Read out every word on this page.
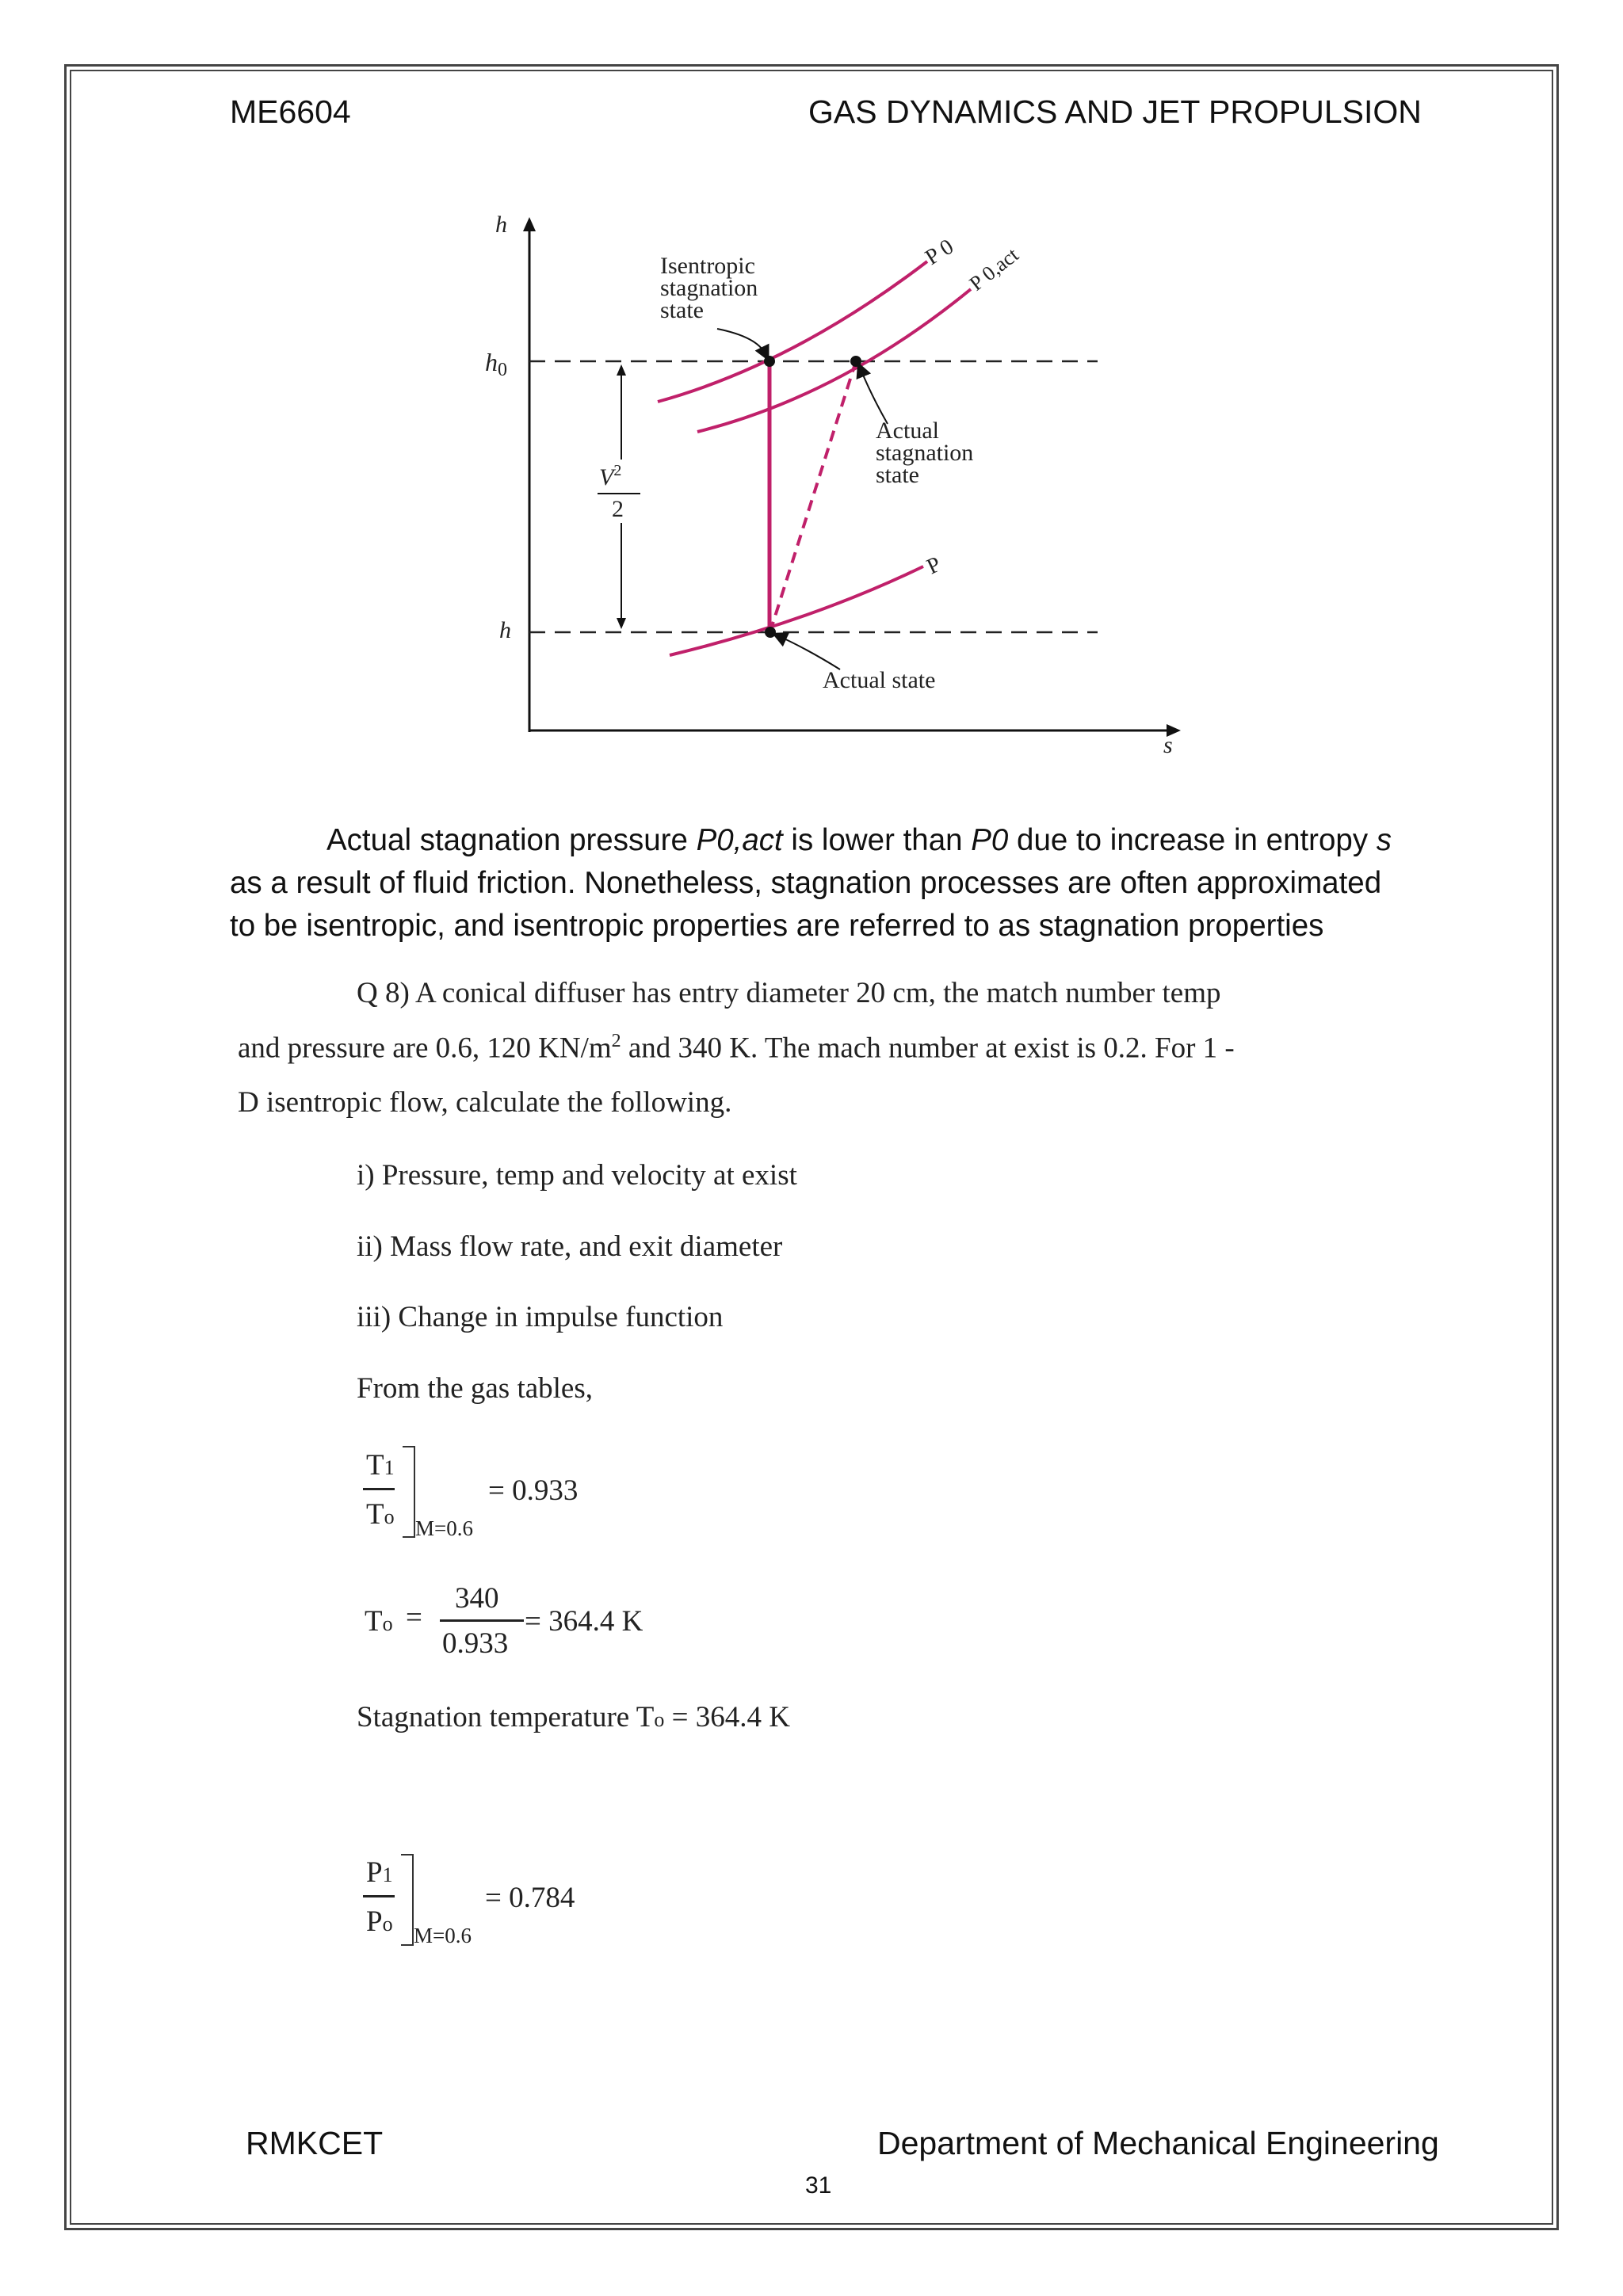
ME6604	GAS DYNAMICS AND JET PROPULSION
h
h0
h
s
$V^2$
2
Isentropic
stagnation
state
Actual
stagnation
state
Actual state
P 0 P 0,act
P
Actual stagnation pressure P0,act is lower than P0 due to increase in entropy s
as a result of fluid friction. Nonetheless, stagnation processes are often approximated
to be isentropic, and isentropic properties are referred to as stagnation properties
Q 8) A conical diffuser has entry diameter 20 cm, the match number temp
and pressure are 0.6, 120 $KN/m^2$ and 340 K. The mach number at exist is 0.2. For 1 -
D isentropic flow, calculate the following.
i) Pressure, temp and velocity at exist
ii) Mass flow rate, and exit diameter
iii) Change in impulse function
From the gas tables,
T1
To M=0.6
= 0.933
To =
340
0.933
= 364.4 K
Stagnation temperature To = 364.4 K
P1
Po M=0.6
= 0.784
RMKCET	Department of Mechanical Engineering
31
